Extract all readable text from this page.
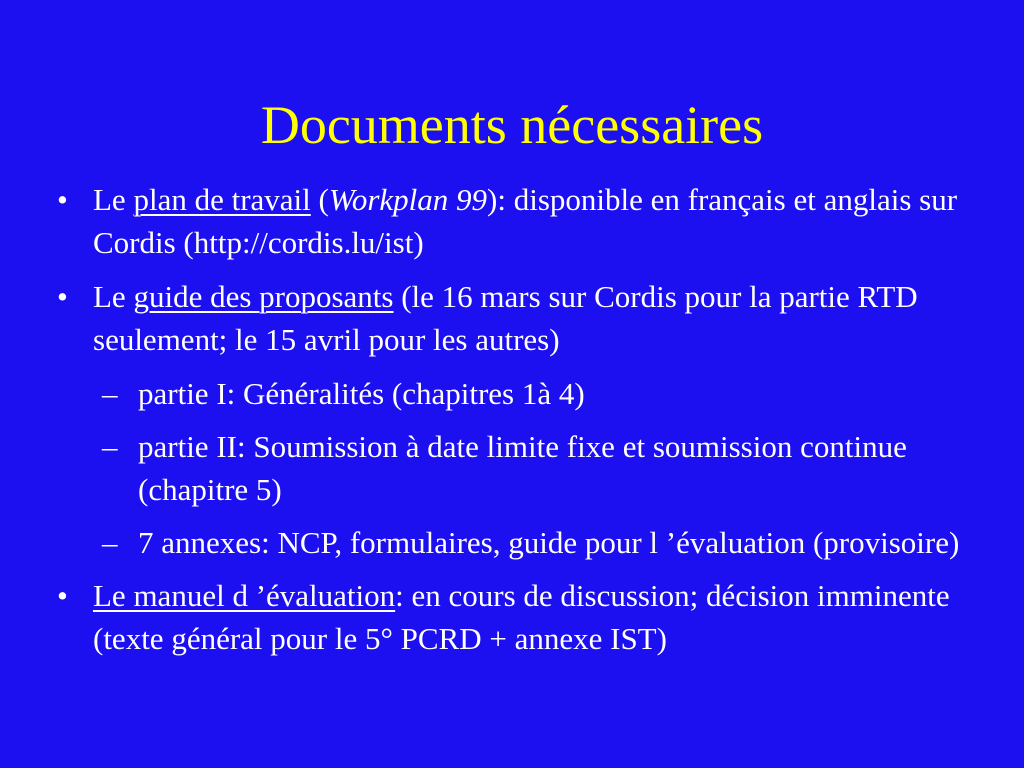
Documents nécessaires
• Le plan de travail (Workplan 99): disponible en français et anglais sur Cordis (http://cordis.lu/ist)
• Le guide des proposants (le 16 mars sur Cordis pour la partie RTD seulement; le 15 avril pour les autres)
– partie I: Généralités (chapitres 1à 4)
– partie II: Soumission à date limite fixe et soumission continue (chapitre 5)
– 7 annexes: NCP, formulaires, guide pour l ’évaluation (provisoire)
• Le manuel d ’évaluation: en cours de discussion; décision imminente (texte général pour le 5° PCRD + annexe IST)
